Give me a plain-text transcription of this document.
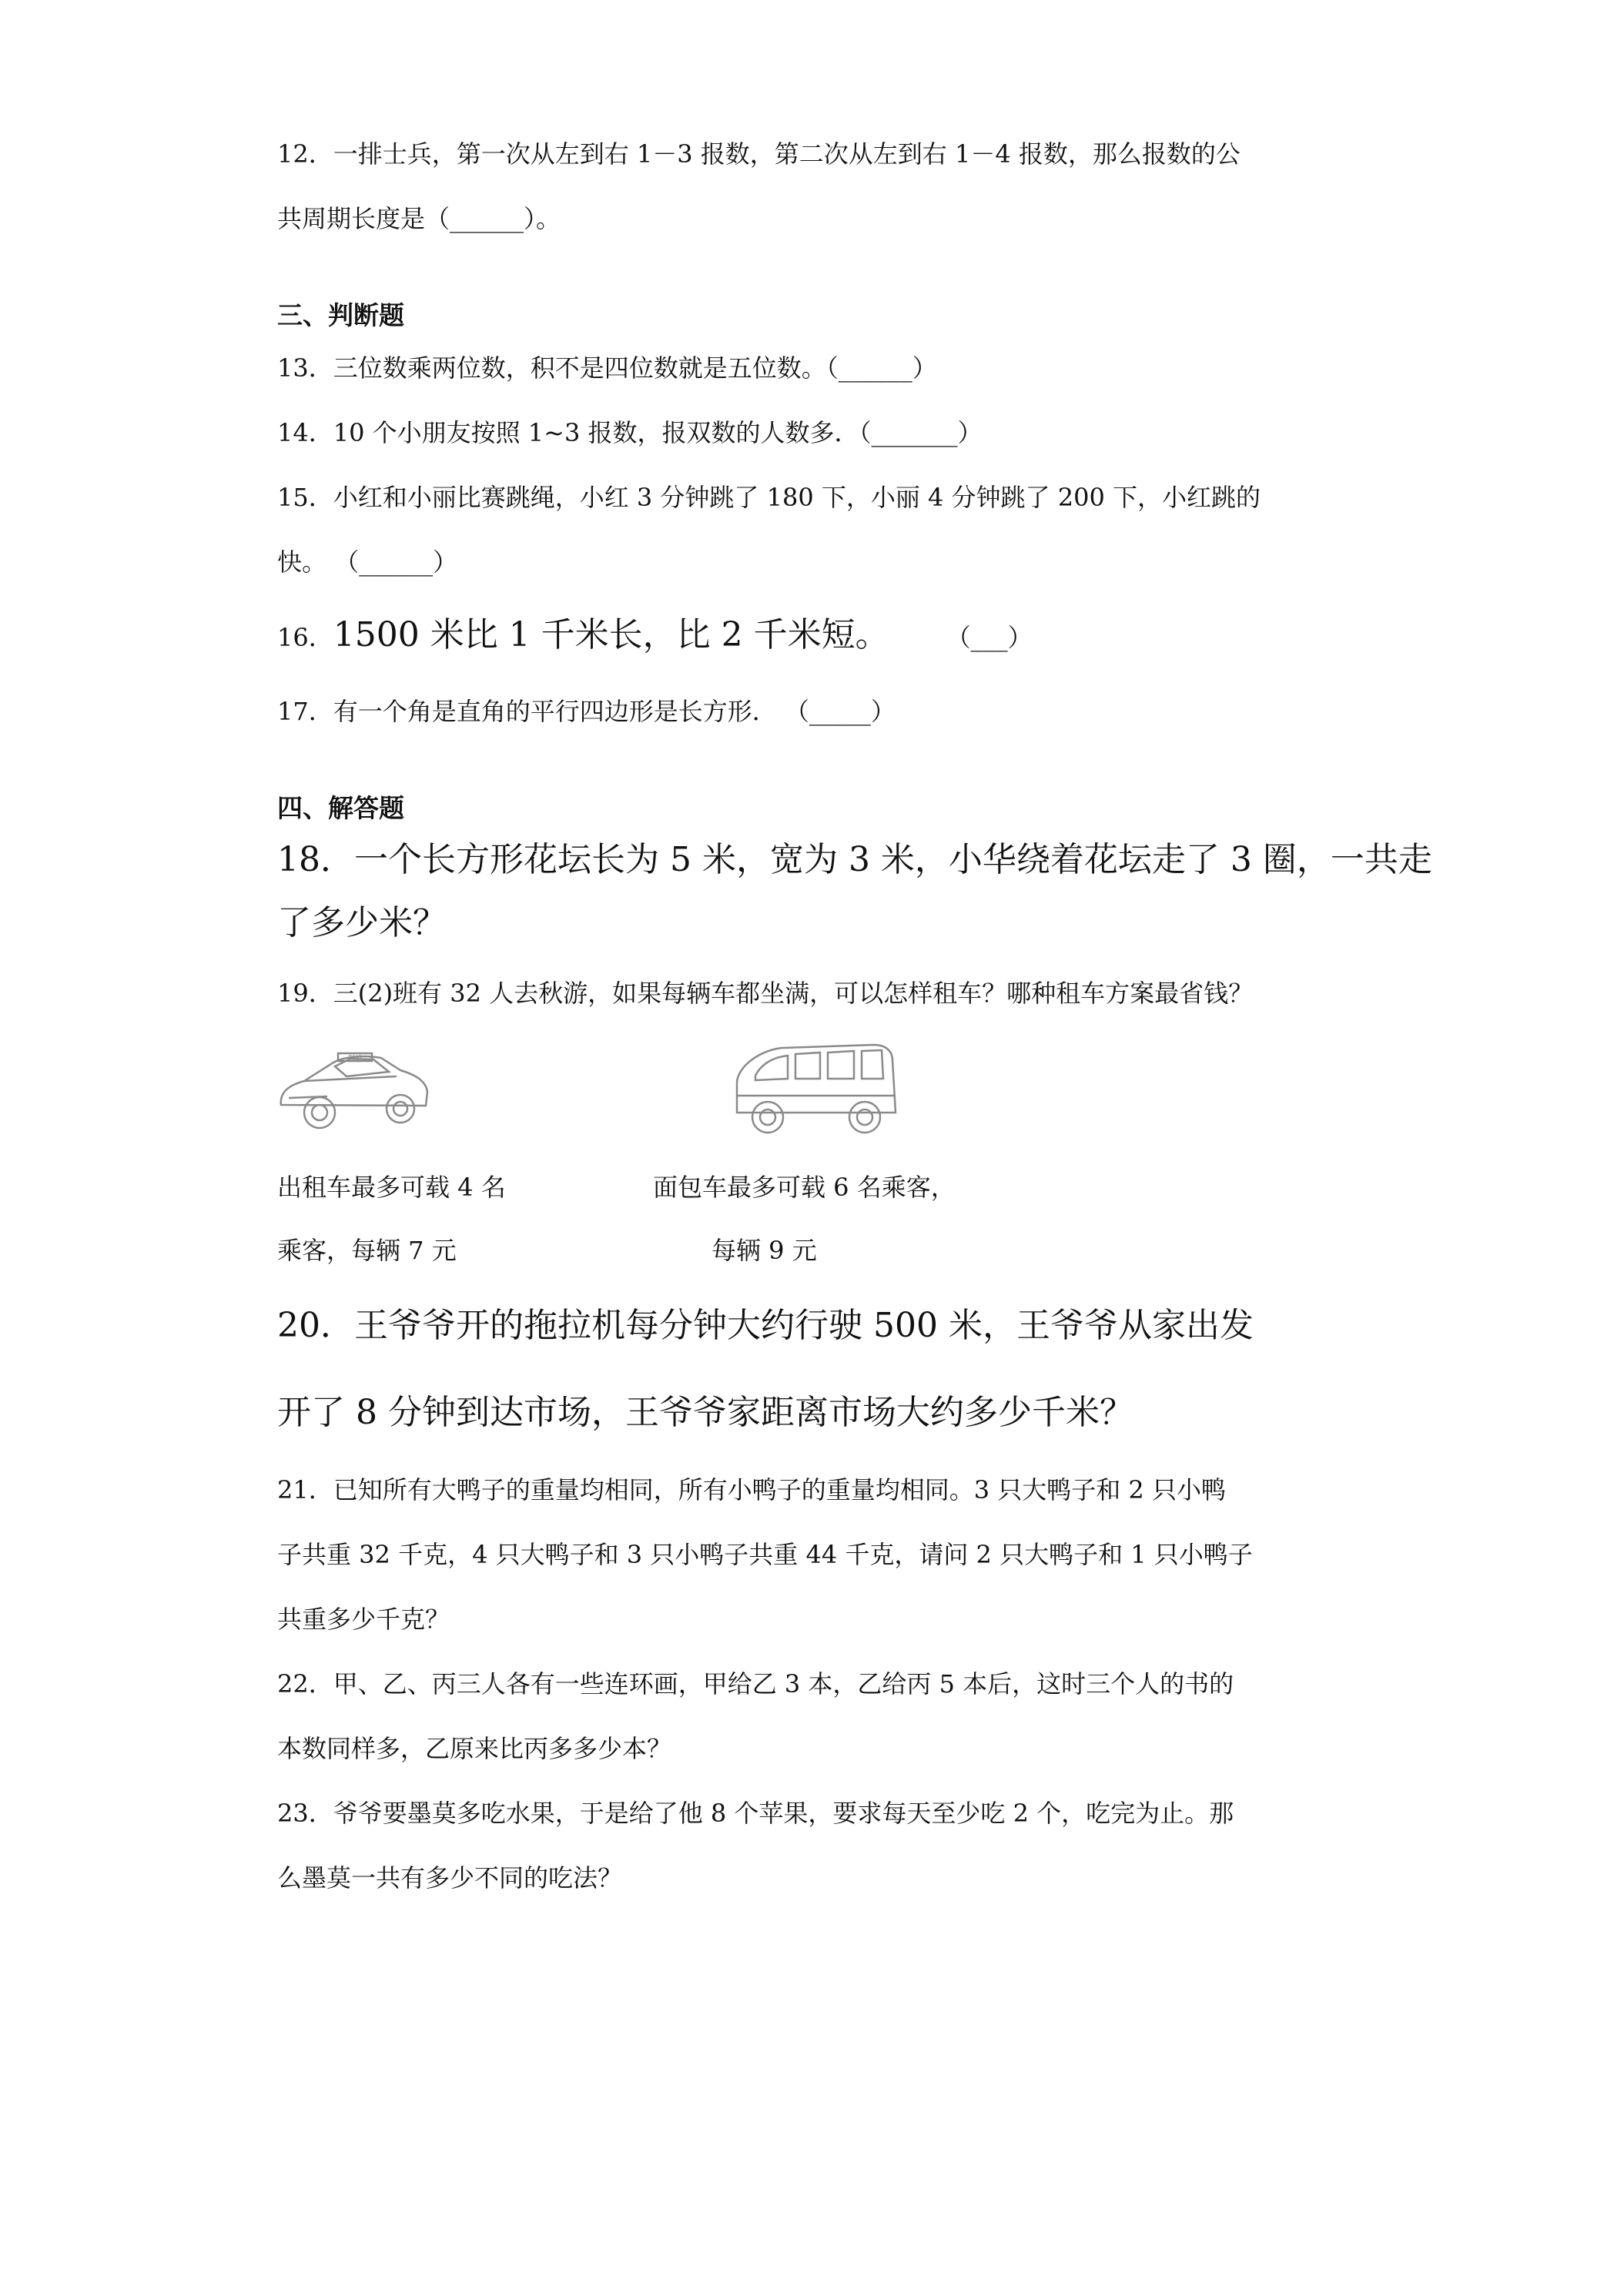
12．一排士兵，第一次从左到右 1－3 报数，第二次从左到右 1－4 报数，那么报数的公
共周期长度是（______）。
三、判断题
13．三位数乘两位数，积不是四位数就是五位数。（______）
14．10 个小朋友按照 1~3 报数，报双数的人数多．（_______）
15．小红和小丽比赛跳绳，小红 3 分钟跳了 180 下，小丽 4 分钟跳了 200 下，小红跳的
快。 （______）
16．1500 米比 1 千米长，比 2 千米短。	（___）
17．有一个角是直角的平行四边形是长方形． （_____）
四、解答题
18．一个长方形花坛长为 5 米，宽为 3 米，小华绕着花坛走了 3 圈，一共走
了多少米？
19．三(2)班有 32 人去秋游，如果每辆车都坐满，可以怎样租车？哪种租车方案最省钱？
TAXI
出租车最多可载 4 名	面包车最多可载 6 名乘客，
乘客，每辆 7 元	每辆 9 元
20．王爷爷开的拖拉机每分钟大约行驶 500 米，王爷爷从家出发
开了 8 分钟到达市场，王爷爷家距离市场大约多少千米？
21．已知所有大鸭子的重量均相同，所有小鸭子的重量均相同。3 只大鸭子和 2 只小鸭
子共重 32 千克，4 只大鸭子和 3 只小鸭子共重 44 千克，请问 2 只大鸭子和 1 只小鸭子
共重多少千克？
22．甲、乙、丙三人各有一些连环画，甲给乙 3 本，乙给丙 5 本后，这时三个人的书的
本数同样多，乙原来比丙多多少本？
23．爷爷要墨莫多吃水果，于是给了他 8 个苹果，要求每天至少吃 2 个，吃完为止。那
么墨莫一共有多少不同的吃法？
